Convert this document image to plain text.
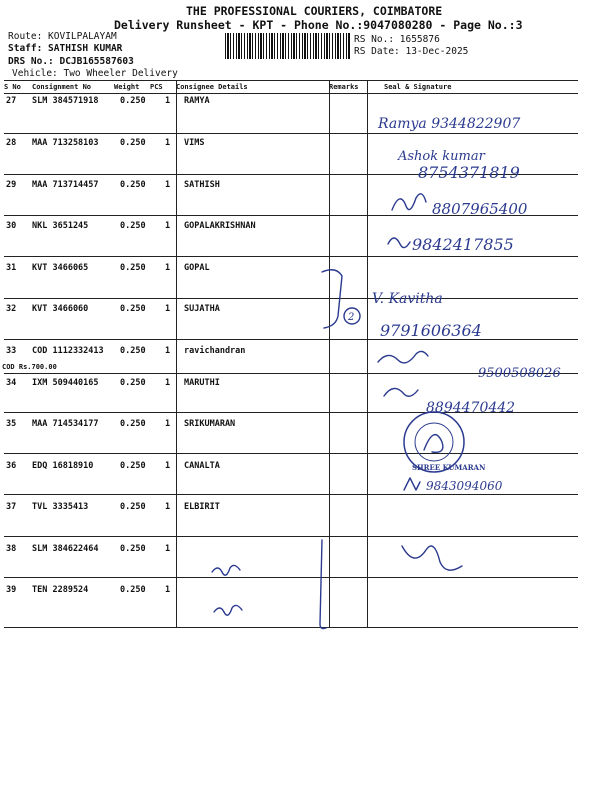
THE PROFESSIONAL COURIERS, COIMBATORE
Delivery Runsheet - KPT - Phone No.:9047080280 - Page No.:3
Route: KOVILPALAYAM
Staff: SATHISH KUMAR
DRS No.: DCJB165587603
Vehicle: Two Wheeler Delivery
RS No.: 1655876
RS Date: 13-Dec-2025
S No Consignment No	Weight PCS Consignee Details	Remarks	Seal & Signature
27 SLM 384571918	0.250 1 RAMYA
28 MAA 713258103	0.250 1 VIMS
29 MAA 713714457	0.250 1 SATHISH
30 NKL 3651245	0.250 1 GOPALAKRISHNAN
31 KVT 3466065	0.250 1 GOPAL
32 KVT 3466060	0.250 1 SUJATHA
33 COD 1112332413 0.250 1 ravichandran
COD Rs.700.00
34 IXM 509440165	0.250 1 MARUTHI
35 MAA 714534177	0.250 1 SRIKUMARAN
36 EDQ 16818910	0.250 1 CANALTA
37 TVL 3335413	0.250 1 ELBIRIT
38 SLM 384622464	0.250 1
39 TEN 2289524	0.250 1
Ramya 9344822907
Ashok kumar
8754371819
8807965400
9842417855
2
V. Kavitha
9791606364
9500508026
8894470442
SHREE KUMARAN
9843094060
